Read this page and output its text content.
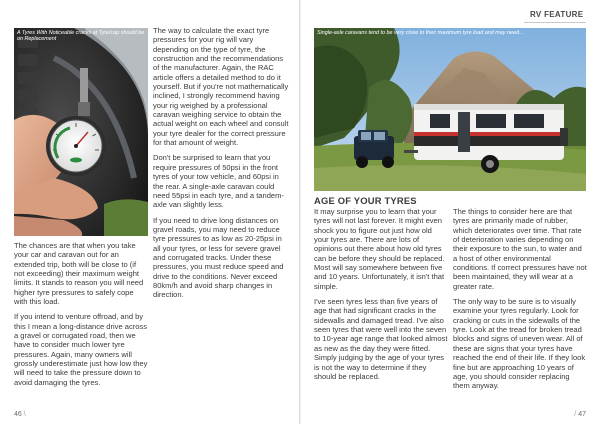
RV FEATURE
A Tyres With Noticeable cracks at Tyre/cap should be on Replacement
Single-axle caravans tend to be very close to their maximum tyre load and may need...

The chances are that when you take your car and caravan out for an extended trip, both will be close to (if not exceeding) their maximum weight limits. It stands to reason you will need higher tyre pressures to safely cope with this load.

If you intend to venture offroad, and by this I mean a long-distance drive across a gravel or corrugated road, then we have to consider much lower tyre pressures. Again, many owners will grossly underestimate just how low they will need to take the pressure down to avoid damaging the tyres.

The way to calculate the exact tyre pressures for your rig will vary depending on the type of tyre, the construction and the recommendations of the manufacturer. Again, the RAC article offers a detailed method to do it yourself. But if you're not mathematically inclined, I strongly recommend having your rig weighed by a professional caravan weighing service to obtain the actual weight on each wheel and consult your tyre dealer for the correct pressure for that amount of weight.

Don't be surprised to learn that you require pressures of 50psi in the front tyres of your tow vehicle, and 60psi in the rear. A single-axle caravan could need 55psi in each tyre, and a tandem-axle van slightly less.

If you need to drive long distances on gravel roads, you may need to reduce tyre pressures to as low as 20-25psi in all your tyres, or less for severe gravel and corrugated tracks. Under these pressures, you must reduce speed and drive to the conditions. Never exceed 80km/h and avoid sharp changes in direction.

AGE OF YOUR TYRES

It may surprise you to learn that your tyres will not last forever. It might even shock you to figure out just how old your tyres are. There are lots of opinions out there about how old tyres can be before they should be replaced. Most will say somewhere between five and 10 years. Unfortunately, it isn't that simple.

I've seen tyres less than five years of age that had significant cracks in the sidewalls and damaged tread. I've also seen tyres that were well into the seven to 10-year age range that looked almost as new as the day they were fitted. Simply judging by the age of your tyres is not the way to determine if they should be replaced.

The things to consider here are that tyres are primarily made of rubber, which deteriorates over time. That rate of deterioration varies depending on their exposure to the sun, to water and a host of other environmental conditions. If correct pressures have not been maintained, they will wear at a greater rate.

The only way to be sure is to visually examine your tyres regularly. Look for cracking or cuts in the sidewalls of the tyre. Look at the tread for broken tread blocks and signs of uneven wear. All of these are signs that your tyres have reached the end of their life. If they look fine but are approaching 10 years of age, you should consider replacing them anyway.

46 \	/ 47
